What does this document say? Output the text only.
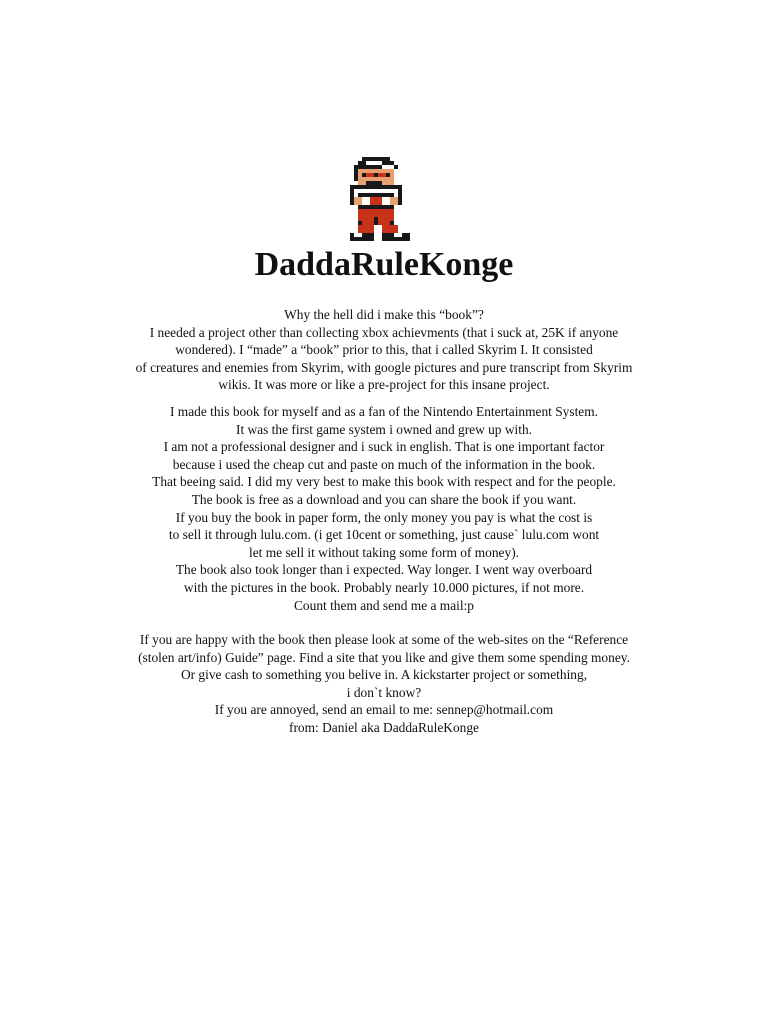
DaddaRuleKonge
Why the hell did i make this “book”?
I needed a project other than collecting xbox achievments (that i suck at, 25K if anyone
wondered). I “made” a “book” prior to this, that i called Skyrim I. It consisted
of creatures and enemies from Skyrim, with google pictures and pure transcript from Skyrim
wikis. It was more or like a pre-project for this insane project.
I made this book for myself and as a fan of the Nintendo Entertainment System.
It was the first game system i owned and grew up with.
I am not a professional designer and i suck in english. That is one important factor
because i used the cheap cut and paste on much of the information in the book.
That beeing said. I did my very best to make this book with respect and for the people.
The book is free as a download and you can share the book if you want.
If you buy the book in paper form, the only money you pay is what the cost is
to sell it through lulu.com. (i get 10cent or something, just cause` lulu.com wont
let me sell it without taking some form of money).
The book also took longer than i expected. Way longer. I went way overboard
with the pictures in the book. Probably nearly 10.000 pictures, if not more.
Count them and send me a mail:p
If you are happy with the book then please look at some of the web-sites on the “Reference
(stolen art/info) Guide” page. Find a site that you like and give them some spending money.
Or give cash to something you belive in. A kickstarter project or something,
i don`t know?
If you are annoyed, send an email to me: sennep@hotmail.com
from: Daniel aka DaddaRuleKonge
